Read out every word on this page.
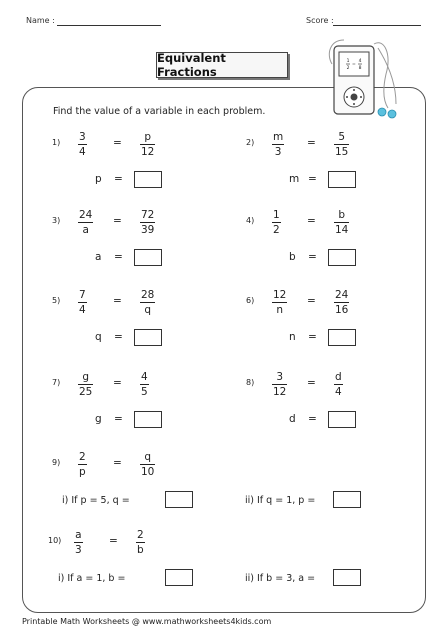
Name :	Score :
Equivalent Fractions
=
1
2
4
8
Find the value of a variable in each problem.
1) 3
4
= p
12
p =
2) m
3
= 5
15
m =
3) 24
a
= 72
39
a =
4) 1
2
= b
14
b =
5) 7
4
= 28
q
q =
6) 12
n
= 24
16
n =
7) g
25
= 4
5
g =
8) 3
12
= d
4
d =
9) 2
p
= q
10
i) If p = 5, q =	ii) If q = 1, p =
10) a
3
= 2
b
i) If a = 1, b =	ii) If b = 3, a =
Printable Math Worksheets @ www.mathworksheets4kids.com
